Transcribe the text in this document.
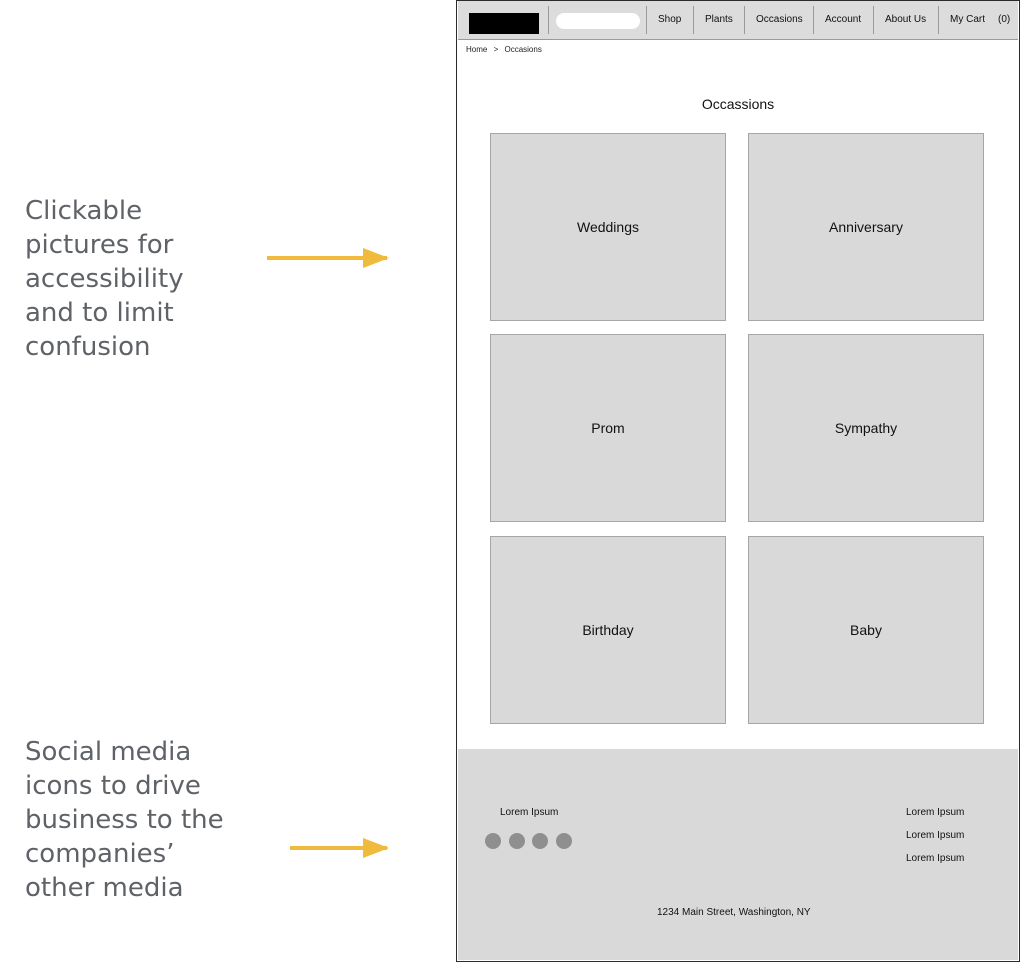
Clickable
pictures for
accessibility
and to limit
confusion
Social media
icons to drive
business to the
companies’
other media
Shop Plants Occasions Account About Us My Cart (0)
Home > Occasions
Occassions
Weddings	Anniversary
Prom	Sympathy
Birthday	Baby
Lorem Ipsum	Lorem Ipsum
Lorem Ipsum
Lorem Ipsum
1234 Main Street, Washington, NY
